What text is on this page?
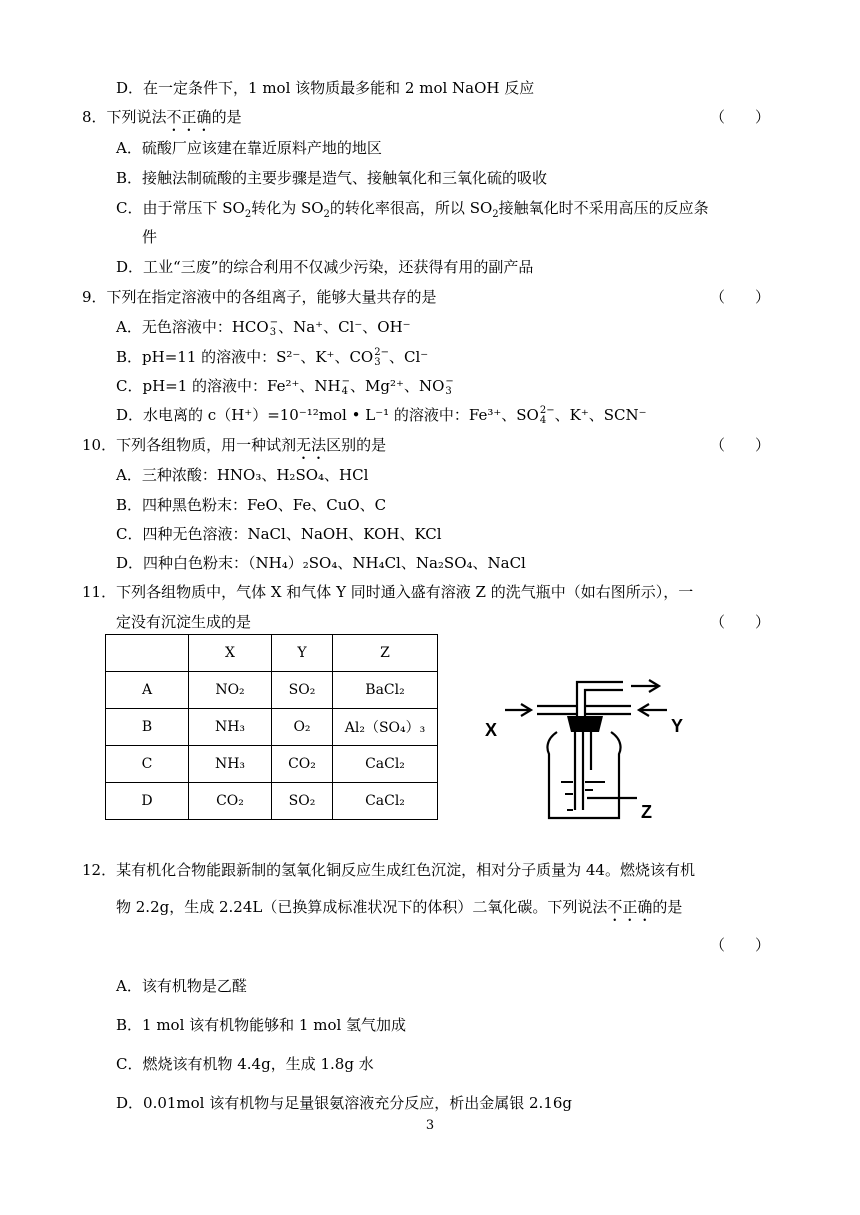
D．在一定条件下，1 mol 该物质最多能和 2 mol NaOH 反应
8．下列说法不正确的是	（　　）
A．硫酸厂应该建在靠近原料产地的地区
B．接触法制硫酸的主要步骤是造气、接触氧化和三氧化硫的吸收
C．由于常压下 $SO_2$转化为 $SO_2$的转化率很高，所以 $SO_2$接触氧化时不采用高压的反应条
件
D．工业“三废”的综合利用不仅减少污染，还获得有用的副产品
9．下列在指定溶液中的各组离子，能够大量共存的是	（　　）
A．无色溶液中：HCO −
3 、Na⁺、Cl⁻、OH⁻
B．pH=11 的溶液中：S²⁻、K⁺、CO 2−
3 、Cl⁻
C．pH=1 的溶液中：Fe²⁺、NH −
4 、Mg²⁺、NO −
3
D．水电离的 c（H⁺）=10⁻¹²mol • L⁻¹ 的溶液中：Fe³⁺、SO 2−
4 、K⁺、SCN⁻
10．下列各组物质，用一种试剂无法区别的是	（　　）
A．三种浓酸：HNO₃、H₂SO₄、HCl
B．四种黑色粉末：FeO、Fe、CuO、C
C．四种无色溶液：NaCl、NaOH、KOH、KCl
D．四种白色粉末：（NH₄）₂SO₄、NH₄Cl、Na₂SO₄、NaCl
11．下列各组物质中，气体 X 和气体 Y 同时通入盛有溶液 Z 的洗气瓶中（如右图所示），一
定没有沉淀生成的是	（　　）
	X	Y	Z
A	NO₂	SO₂	BaCl₂
B	NH₃	O₂	Al₂（SO₄）₃
C	NH₃	CO₂	CaCl₂
D	CO₂	SO₂	CaCl₂
X	Y
Z
12．某有机化合物能跟新制的氢氧化铜反应生成红色沉淀，相对分子质量为 44。燃烧该有机
物 2.2g，生成 2.24L（已换算成标准状况下的体积）二氧化碳。下列说法不正确的是
（　　）
A．该有机物是乙醛
B．1 mol 该有机物能够和 1 mol 氢气加成
C．燃烧该有机物 4.4g，生成 1.8g 水
D．0.01mol 该有机物与足量银氨溶液充分反应，析出金属银 2.16g
3
